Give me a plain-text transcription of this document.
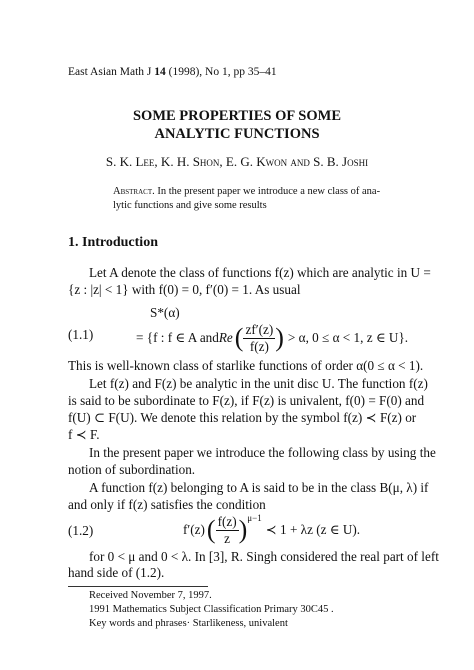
East Asian Math J 14 (1998), No 1, pp 35–41
SOME PROPERTIES OF SOME
ANALYTIC FUNCTIONS
S. K. Lee, K. H. Shon, E. G. Kwon and S. B. Joshi
Abstract. In the present paper we introduce a new class of ana-
lytic functions and give some results
1. Introduction
Let A denote the class of functions f(z) which are analytic in U =
{z : |z| < 1} with f(0) = 0, f′(0) = 1. As usual
S*(α)
(1.1)	= {f : f ∈ A and Re ( $\frac{zf'(z)}{f(z)}$ ) > α, 0 ≤ α < 1, z ∈ U}.
This is well-known class of starlike functions of order α(0 ≤ α < 1).
Let f(z) and F(z) be analytic in the unit disc U. The function f(z)
is said to be subordinate to F(z), if F(z) is univalent, f(0) = F(0) and
f(U) ⊂ F(U). We denote this relation by the symbol f(z) ≺ F(z) or
f ≺ F.
In the present paper we introduce the following class by using the
notion of subordination.
A function f(z) belonging to A is said to be in the class B(μ, λ) if
and only if f(z) satisfies the condition
(1.2)	f′(z) ( $\frac{f(z)}{z} )^{\mu-1}$
≺ 1 + λz (z ∈ U).
for 0 < μ and 0 < λ. In [3], R. Singh considered the real part of left
hand side of (1.2).
Received November 7, 1997.
1991 Mathematics Subject Classification Primary 30C45 .
Key words and phrases· Starlikeness, univalent
